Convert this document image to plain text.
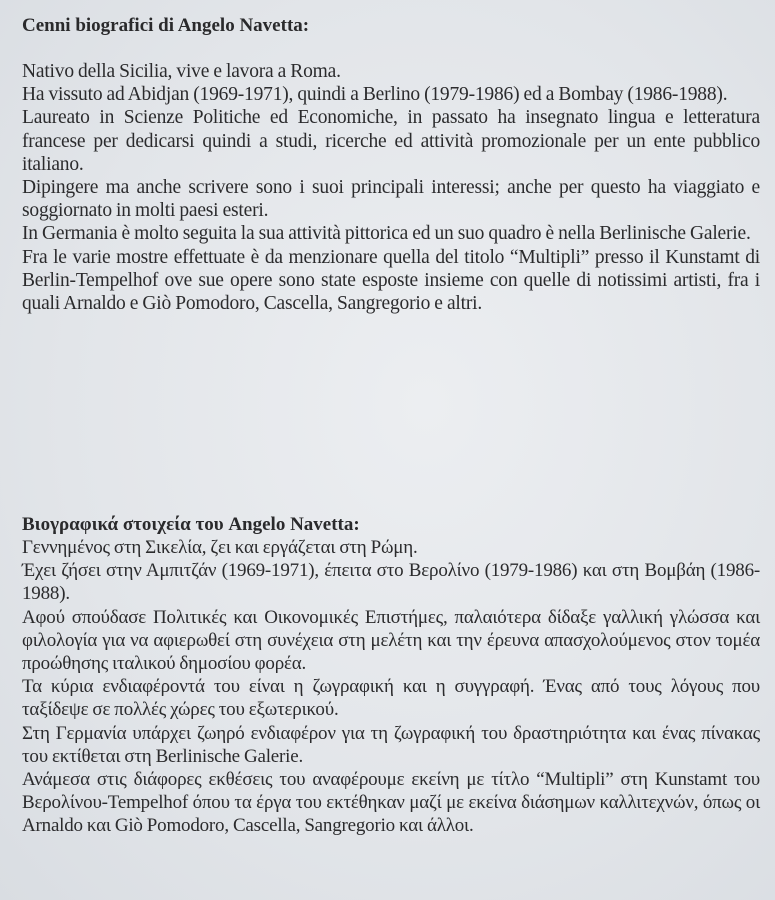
Cenni biografici di Angelo Navetta:

Nativo della Sicilia, vive e lavora a Roma.

Ha vissuto ad Abidjan (1969-1971), quindi a Berlino (1979-1986) ed a Bombay (1986-1988).

Laureato in Scienze Politiche ed Economiche, in passato ha insegnato lingua e letteratura francese per dedicarsi quindi a studi, ricerche ed attività promozionale per un ente pubblico italiano.

Dipingere ma anche scrivere sono i suoi principali interessi; anche per questo ha viaggiato e soggiornato in molti paesi esteri.

In Germania è molto seguita la sua attività pittorica ed un suo quadro è nella Berlinische Galerie.

Fra le varie mostre effettuate è da menzionare quella del titolo “Multipli” presso il Kunstamt di Berlin-Tempelhof ove sue opere sono state esposte insieme con quelle di notissimi artisti, fra i quali Arnaldo e Giò Pomodoro, Cascella, Sangregorio e altri.

Βιογραφικά στοιχεία του Angelo Navetta:

Γεννημένος στη Σικελία, ζει και εργάζεται στη Ρώμη.

Έχει ζήσει στην Αμπιτζάν (1969-1971), έπειτα στο Βερολίνο (1979-1986) και στη Βομβάη (1986-1988).

Αφού σπούδασε Πολιτικές και Οικονομικές Επιστήμες, παλαιότερα δίδαξε γαλλική γλώσσα και φιλολογία για να αφιερωθεί στη συνέχεια στη μελέτη και την έρευνα απασχολούμενος στον τομέα προώθησης ιταλικού δημοσίου φορέα.

Τα κύρια ενδιαφέροντά του είναι η ζωγραφική και η συγγραφή. Ένας από τους λόγους που ταξίδεψε σε πολλές χώρες του εξωτερικού.

Στη Γερμανία υπάρχει ζωηρό ενδιαφέρον για τη ζωγραφική του δραστηριότητα και ένας πίνακας του εκτίθεται στη Berlinische Galerie.

Ανάμεσα στις διάφορες εκθέσεις του αναφέρουμε εκείνη με τίτλο “Multipli” στη Kunstamt του Βερολίνου-Tempelhof όπου τα έργα του εκτέθηκαν μαζί με εκείνα διάσημων καλλιτεχνών, όπως οι Arnaldo και Giò Pomodoro, Cascella, Sangregorio και άλλοι.
